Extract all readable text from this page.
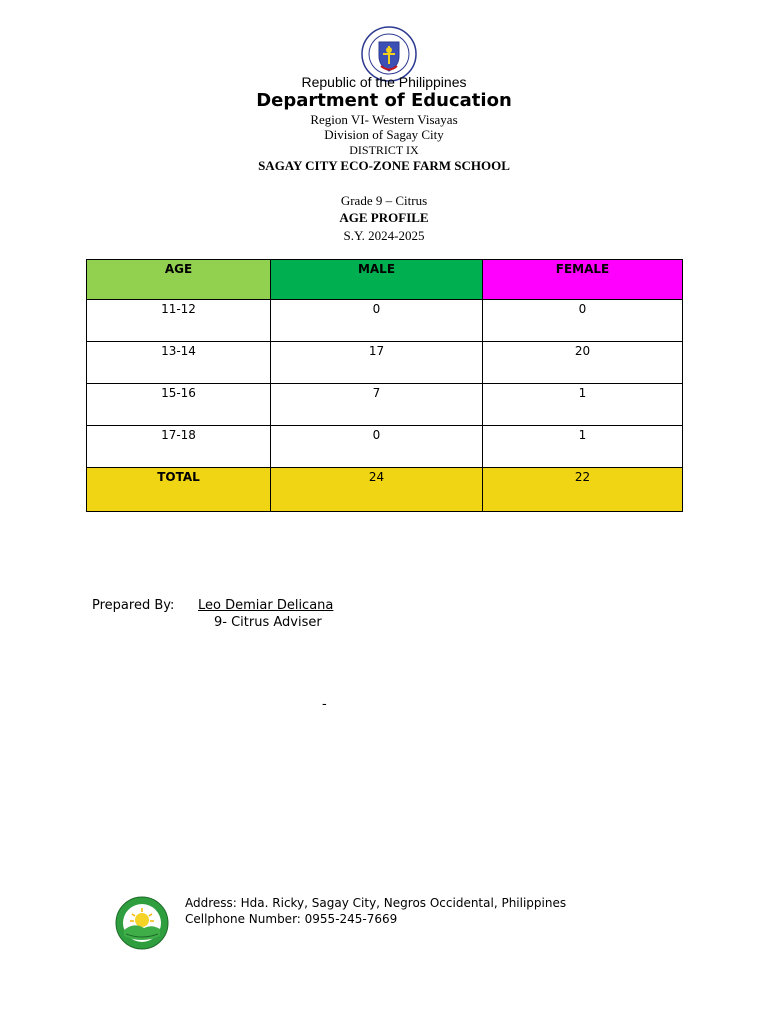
Republic of the Philippines
Department of Education
Region VI- Western Visayas
Division of Sagay City
DISTRICT IX
SAGAY CITY ECO-ZONE FARM SCHOOL
Grade 9 – Citrus
AGE PROFILE
S.Y. 2024-2025
AGE	MALE	FEMALE
11-12	0	0
13-14	17	20
15-16	7	1
17-18	0	1
TOTAL	24	22
Prepared By: Leo Demiar Delicana
9- Citrus Adviser
-
Address: Hda. Ricky, Sagay City, Negros Occidental, Philippines
Cellphone Number: 0955-245-7669
